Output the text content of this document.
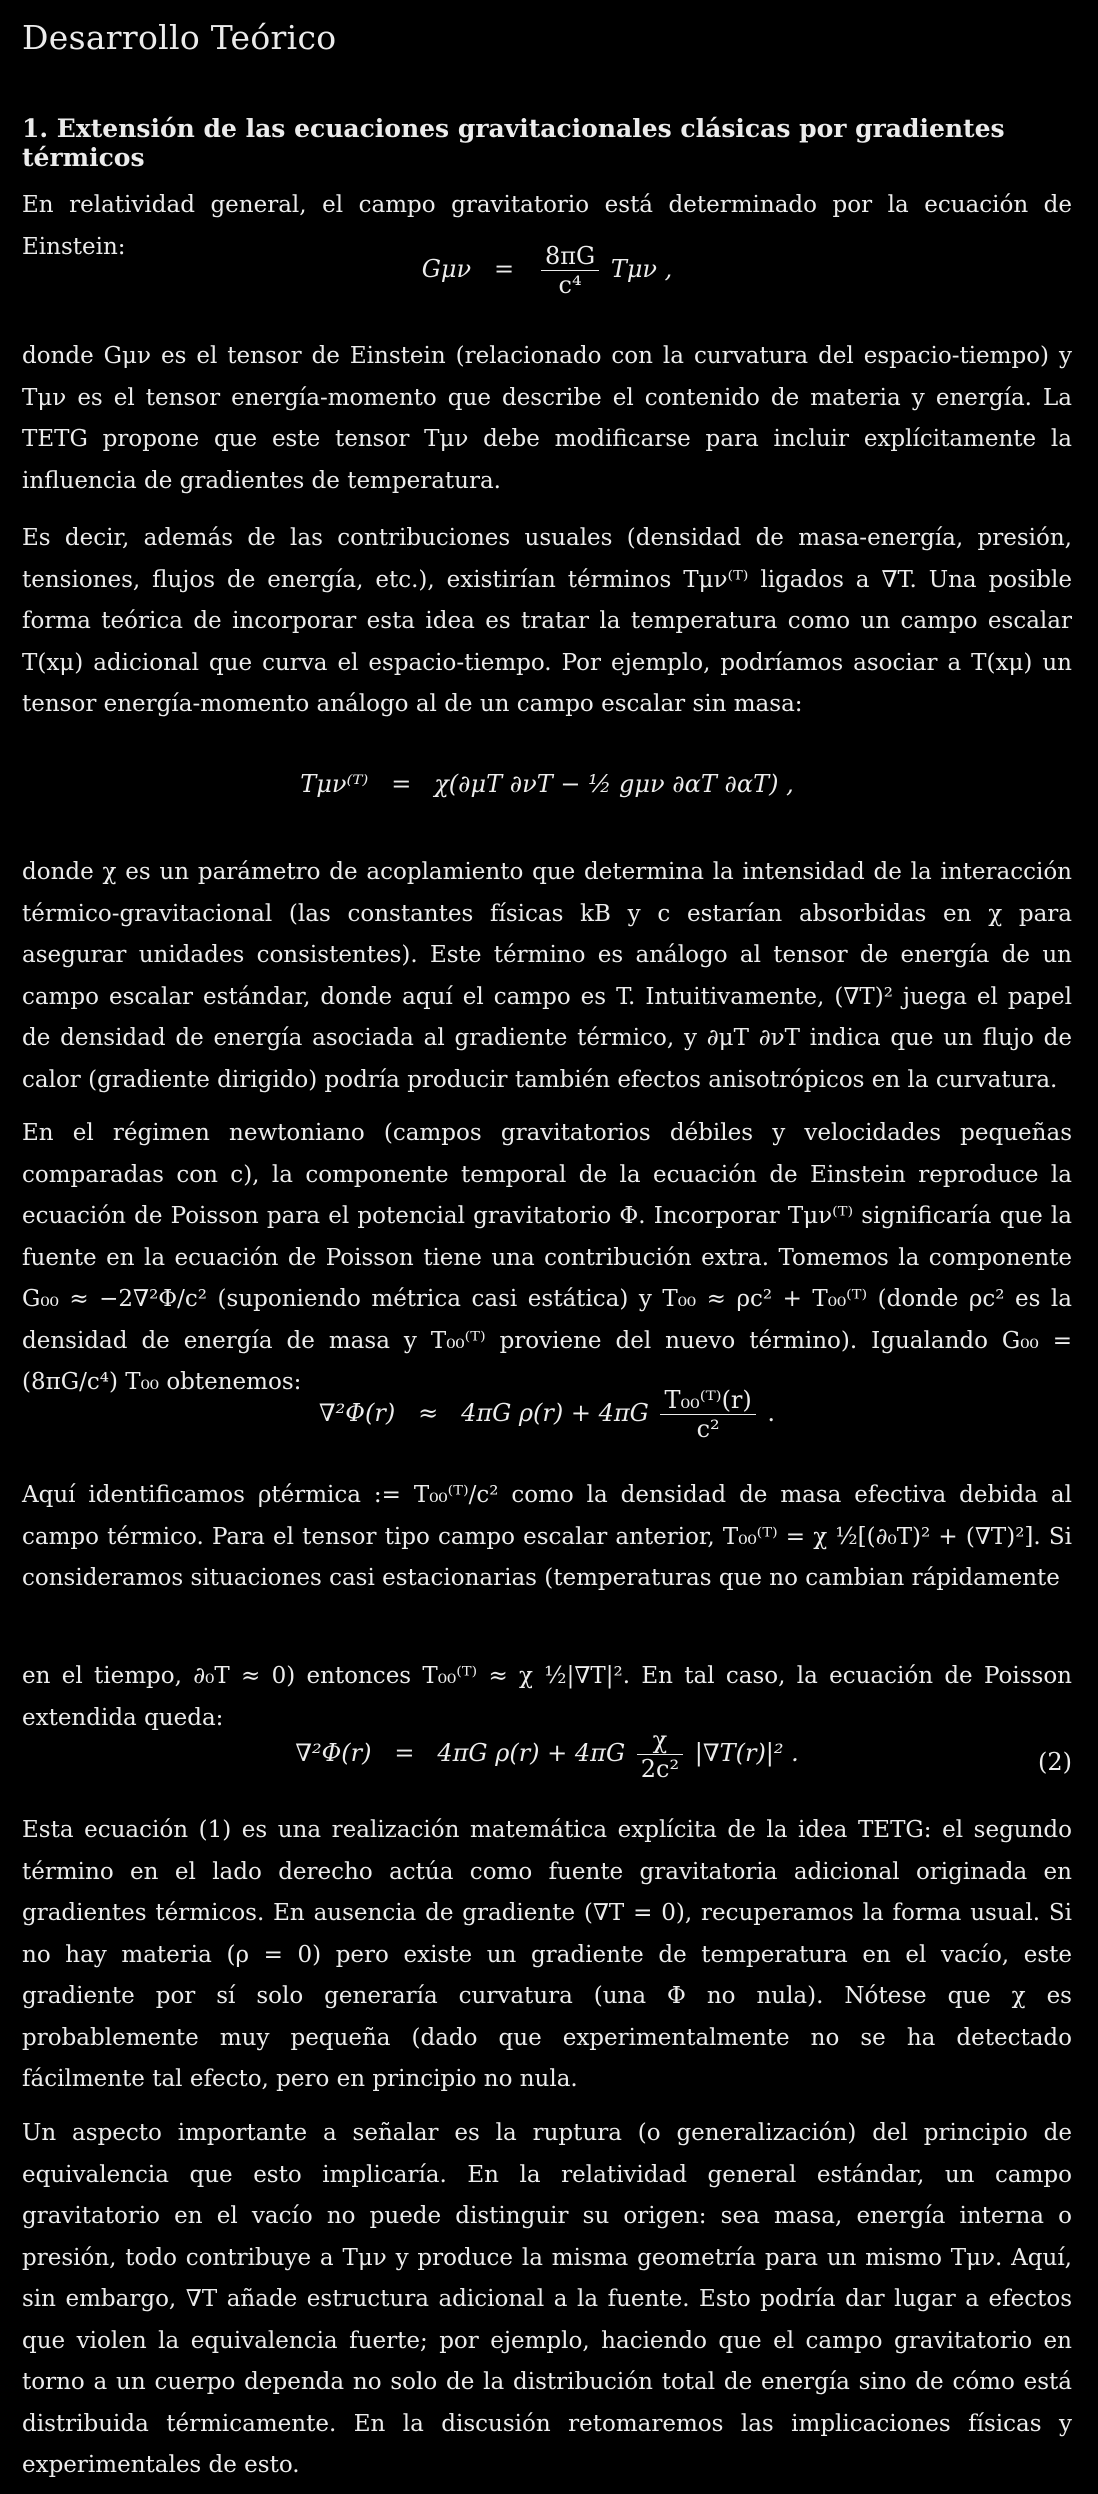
Desarrollo Teórico
1. Extensión de las ecuaciones gravitacionales clásicas por gradientes térmicos

En relatividad general, el campo gravitatorio está determinado por la ecuación de Einstein:

$G\mu\nu = \frac{8\pi G}{\text{c⁴}}$ Tμν ,

donde Gμν es el tensor de Einstein (relacionado con la curvatura del espacio-tiempo) y Tμν es el tensor energía-momento que describe el contenido de materia y energía. La TETG propone que este tensor Tμν debe modificarse para incluir explícitamente la influencia de gradientes de temperatura.

Es decir, además de las contribuciones usuales (densidad de masa-energía, presión, tensiones, flujos de energía, etc.), existirían términos Tμν⁽ᵀ⁾ ligados a ∇T. Una posible forma teórica de incorporar esta idea es tratar la temperatura como un campo escalar T(xμ) adicional que curva el espacio-tiempo. Por ejemplo, podríamos asociar a T(xμ) un tensor energía-momento análogo al de un campo escalar sin masa:

Tμν⁽ᵀ⁾ = χ(∂μT ∂νT − ½ gμν ∂αT ∂αT) ,

donde χ es un parámetro de acoplamiento que determina la intensidad de la interacción térmico-gravitacional (las constantes físicas kB y c estarían absorbidas en χ para asegurar unidades consistentes). Este término es análogo al tensor de energía de un campo escalar estándar, donde aquí el campo es T. Intuitivamente, (∇T)² juega el papel de densidad de energía asociada al gradiente térmico, y ∂μT ∂νT indica que un flujo de calor (gradiente dirigido) podría producir también efectos anisotrópicos en la curvatura.

En el régimen newtoniano (campos gravitatorios débiles y velocidades pequeñas comparadas con c), la componente temporal de la ecuación de Einstein reproduce la ecuación de Poisson para el potencial gravitatorio Φ. Incorporar Tμν⁽ᵀ⁾ significaría que la fuente en la ecuación de Poisson tiene una contribución extra. Tomemos la componente G₀₀ ≈ −2∇²Φ/c² (suponiendo métrica casi estática) y T₀₀ ≈ ρc² + T₀₀⁽ᵀ⁾ (donde ρc² es la densidad de energía de masa y T₀₀⁽ᵀ⁾ proviene del nuevo término). Igualando G₀₀ = (8πG/c⁴) T₀₀ obtenemos:

∇²Φ(r) ≈ 4πG $\rho(r) + 4\pi G \frac{\text{T₀₀⁽ᵀ⁾(r)}}{\text{c²}}$ .

Aquí identificamos ρtérmica := T₀₀⁽ᵀ⁾/c² como la densidad de masa efectiva debida al campo térmico. Para el tensor tipo campo escalar anterior, T₀₀⁽ᵀ⁾ = χ ½[(∂₀T)² + (∇T)²]. Si consideramos situaciones casi estacionarias (temperaturas que no cambian rápidamente

en el tiempo, ∂₀T ≈ 0) entonces T₀₀⁽ᵀ⁾ ≈ χ ½|∇T|². En tal caso, la ecuación de Poisson extendida queda:

∇²Φ(r) = 4πG $\rho(r) + 4\pi G \frac{\chi}{\text{2c²}} |\nabla T(r)|^2$ .	(2)

Esta ecuación (1) es una realización matemática explícita de la idea TETG: el segundo término en el lado derecho actúa como fuente gravitatoria adicional originada en gradientes térmicos. En ausencia de gradiente (∇T = 0), recuperamos la forma usual. Si no hay materia (ρ = 0) pero existe un gradiente de temperatura en el vacío, este gradiente por sí solo generaría curvatura (una Φ no nula). Nótese que χ es probablemente muy pequeña (dado que experimentalmente no se ha detectado fácilmente tal efecto, pero en principio no nula.

Un aspecto importante a señalar es la ruptura (o generalización) del principio de equivalencia que esto implicaría. En la relatividad general estándar, un campo gravitatorio en el vacío no puede distinguir su origen: sea masa, energía interna o presión, todo contribuye a Tμν y produce la misma geometría para un mismo Tμν. Aquí, sin embargo, ∇T añade estructura adicional a la fuente. Esto podría dar lugar a efectos que violen la equivalencia fuerte; por ejemplo, haciendo que el campo gravitatorio en torno a un cuerpo dependa no solo de la distribución total de energía sino de cómo está distribuida térmicamente. En la discusión retomaremos las implicaciones físicas y experimentales de esto.
